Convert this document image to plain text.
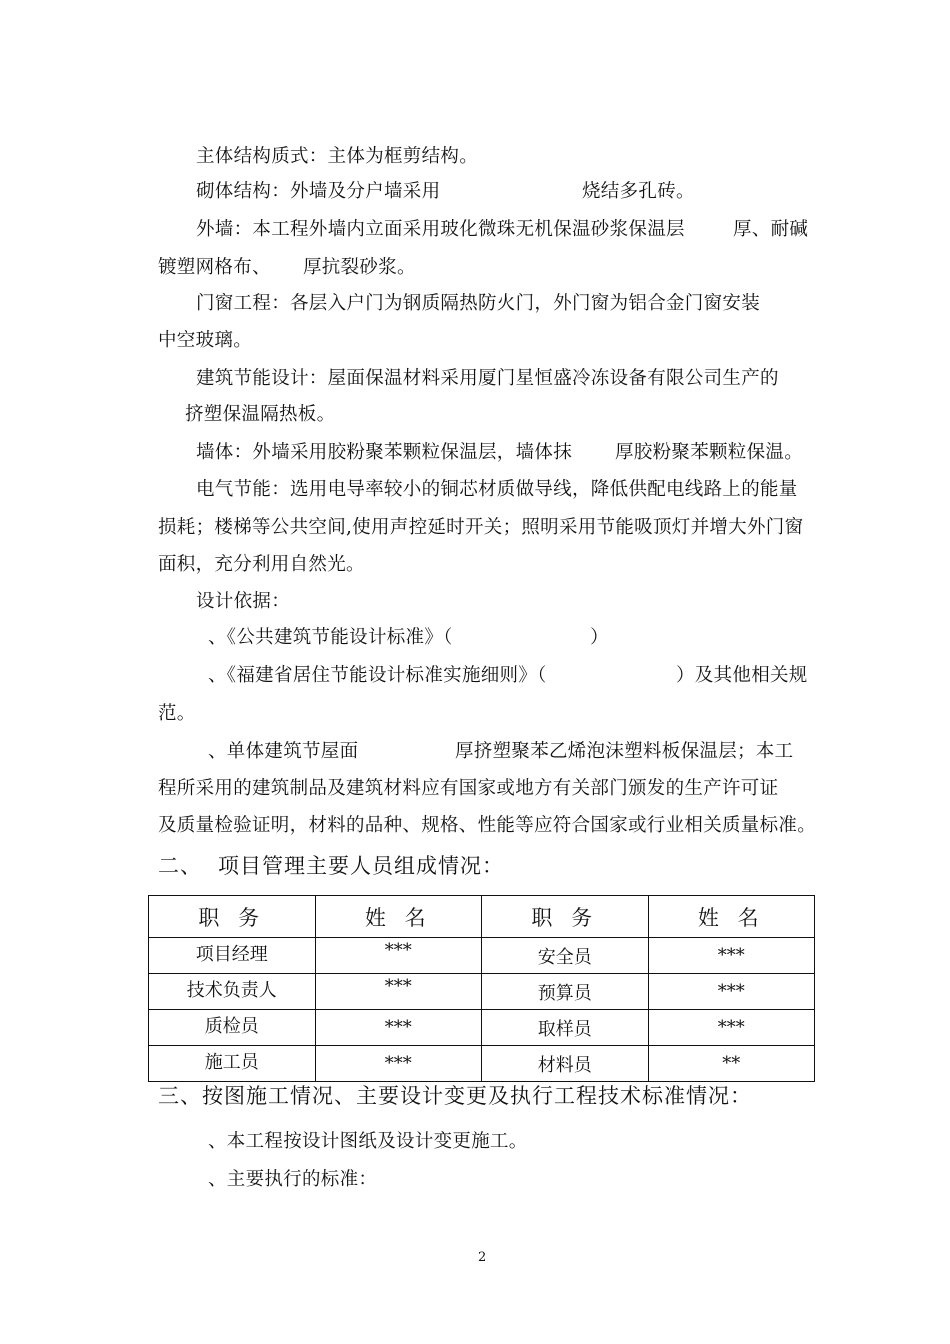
主体结构质式：主体为框剪结构。
砌体结构：外墙及分户墙采用	烧结多孔砖。
外墙：本工程外墙内立面采用玻化微珠无机保温砂浆保温层	厚、耐碱
镀塑网格布、 厚抗裂砂浆。
门窗工程：各层入户门为钢质隔热防火门，外门窗为铝合金门窗安装
中空玻璃。
建筑节能设计：屋面保温材料采用厦门星恒盛冷冻设备有限公司生产的
挤塑保温隔热板。
墙体：外墙采用胶粉聚苯颗粒保温层，墙体抹 厚胶粉聚苯颗粒保温。
电气节能：选用电导率较小的铜芯材质做导线，降低供配电线路上的能量
损耗；楼梯等公共空间,使用声控延时开关；照明采用节能吸顶灯并增大外门窗
面积，充分利用自然光。
设计依据：
、《公共建筑节能设计标准》（	）
、《福建省居住节能设计标准实施细则》（	）及其他相关规
范。
、单体建筑节屋面	厚挤塑聚苯乙烯泡沫塑料板保温层；本工
程所采用的建筑制品及建筑材料应有国家或地方有关部门颁发的生产许可证
及质量检验证明，材料的品种、规格、性能等应符合国家或行业相关质量标准。
二、 项目管理主要人员组成情况：
职 务	姓 名	职 务	姓 名
项目经理	***	安全员	***
技术负责人	***	预算员	***
质检员	***	取样员	***
施工员	***	材料员	**
三、按图施工情况、主要设计变更及执行工程技术标准情况：
、本工程按设计图纸及设计变更施工。
、主要执行的标准：
2
